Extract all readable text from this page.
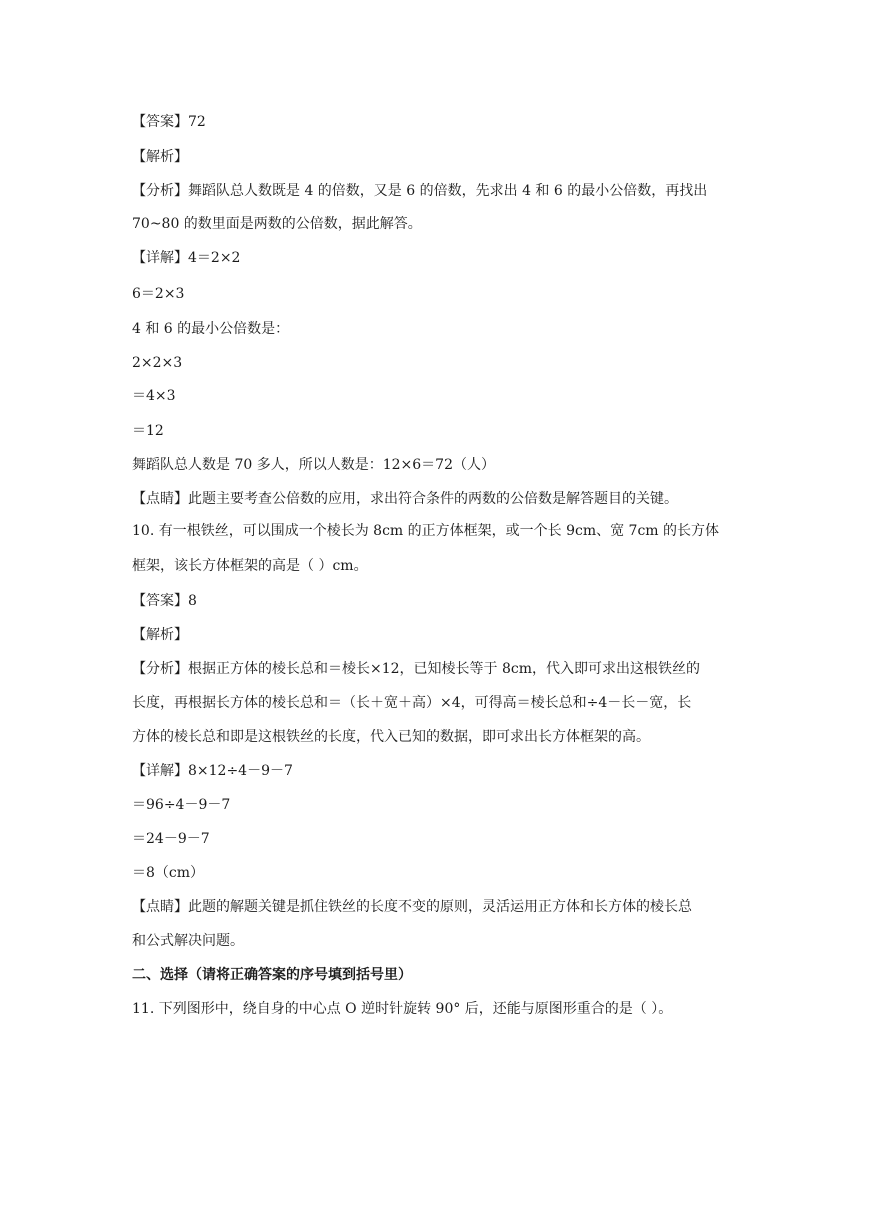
【答案】72
【解析】
【分析】舞蹈队总人数既是 4 的倍数，又是 6 的倍数，先求出 4 和 6 的最小公倍数，再找出
70~80 的数里面是两数的公倍数，据此解答。
【详解】4＝2×2
6＝2×3
4 和 6 的最小公倍数是：
2×2×3
＝4×3
＝12
舞蹈队总人数是 70 多人，所以人数是：12×6＝72（人）
【点睛】此题主要考查公倍数的应用，求出符合条件的两数的公倍数是解答题目的关键。
10. 有一根铁丝，可以围成一个棱长为 8cm 的正方体框架，或一个长 9cm、宽 7cm 的长方体
框架，该长方体框架的高是（ ）cm。
【答案】8
【解析】
【分析】根据正方体的棱长总和＝棱长×12，已知棱长等于 8cm，代入即可求出这根铁丝的
长度，再根据长方体的棱长总和＝（长＋宽＋高）×4，可得高＝棱长总和÷4－长－宽，长
方体的棱长总和即是这根铁丝的长度，代入已知的数据，即可求出长方体框架的高。
【详解】8×12÷4－9－7
＝96÷4－9－7
＝24－9－7
＝8（cm）
【点睛】此题的解题关键是抓住铁丝的长度不变的原则，灵活运用正方体和长方体的棱长总
和公式解决问题。
二、选择（请将正确答案的序号填到括号里）
11. 下列图形中，绕自身的中心点 O 逆时针旋转 90° 后，还能与原图形重合的是（ ）。
